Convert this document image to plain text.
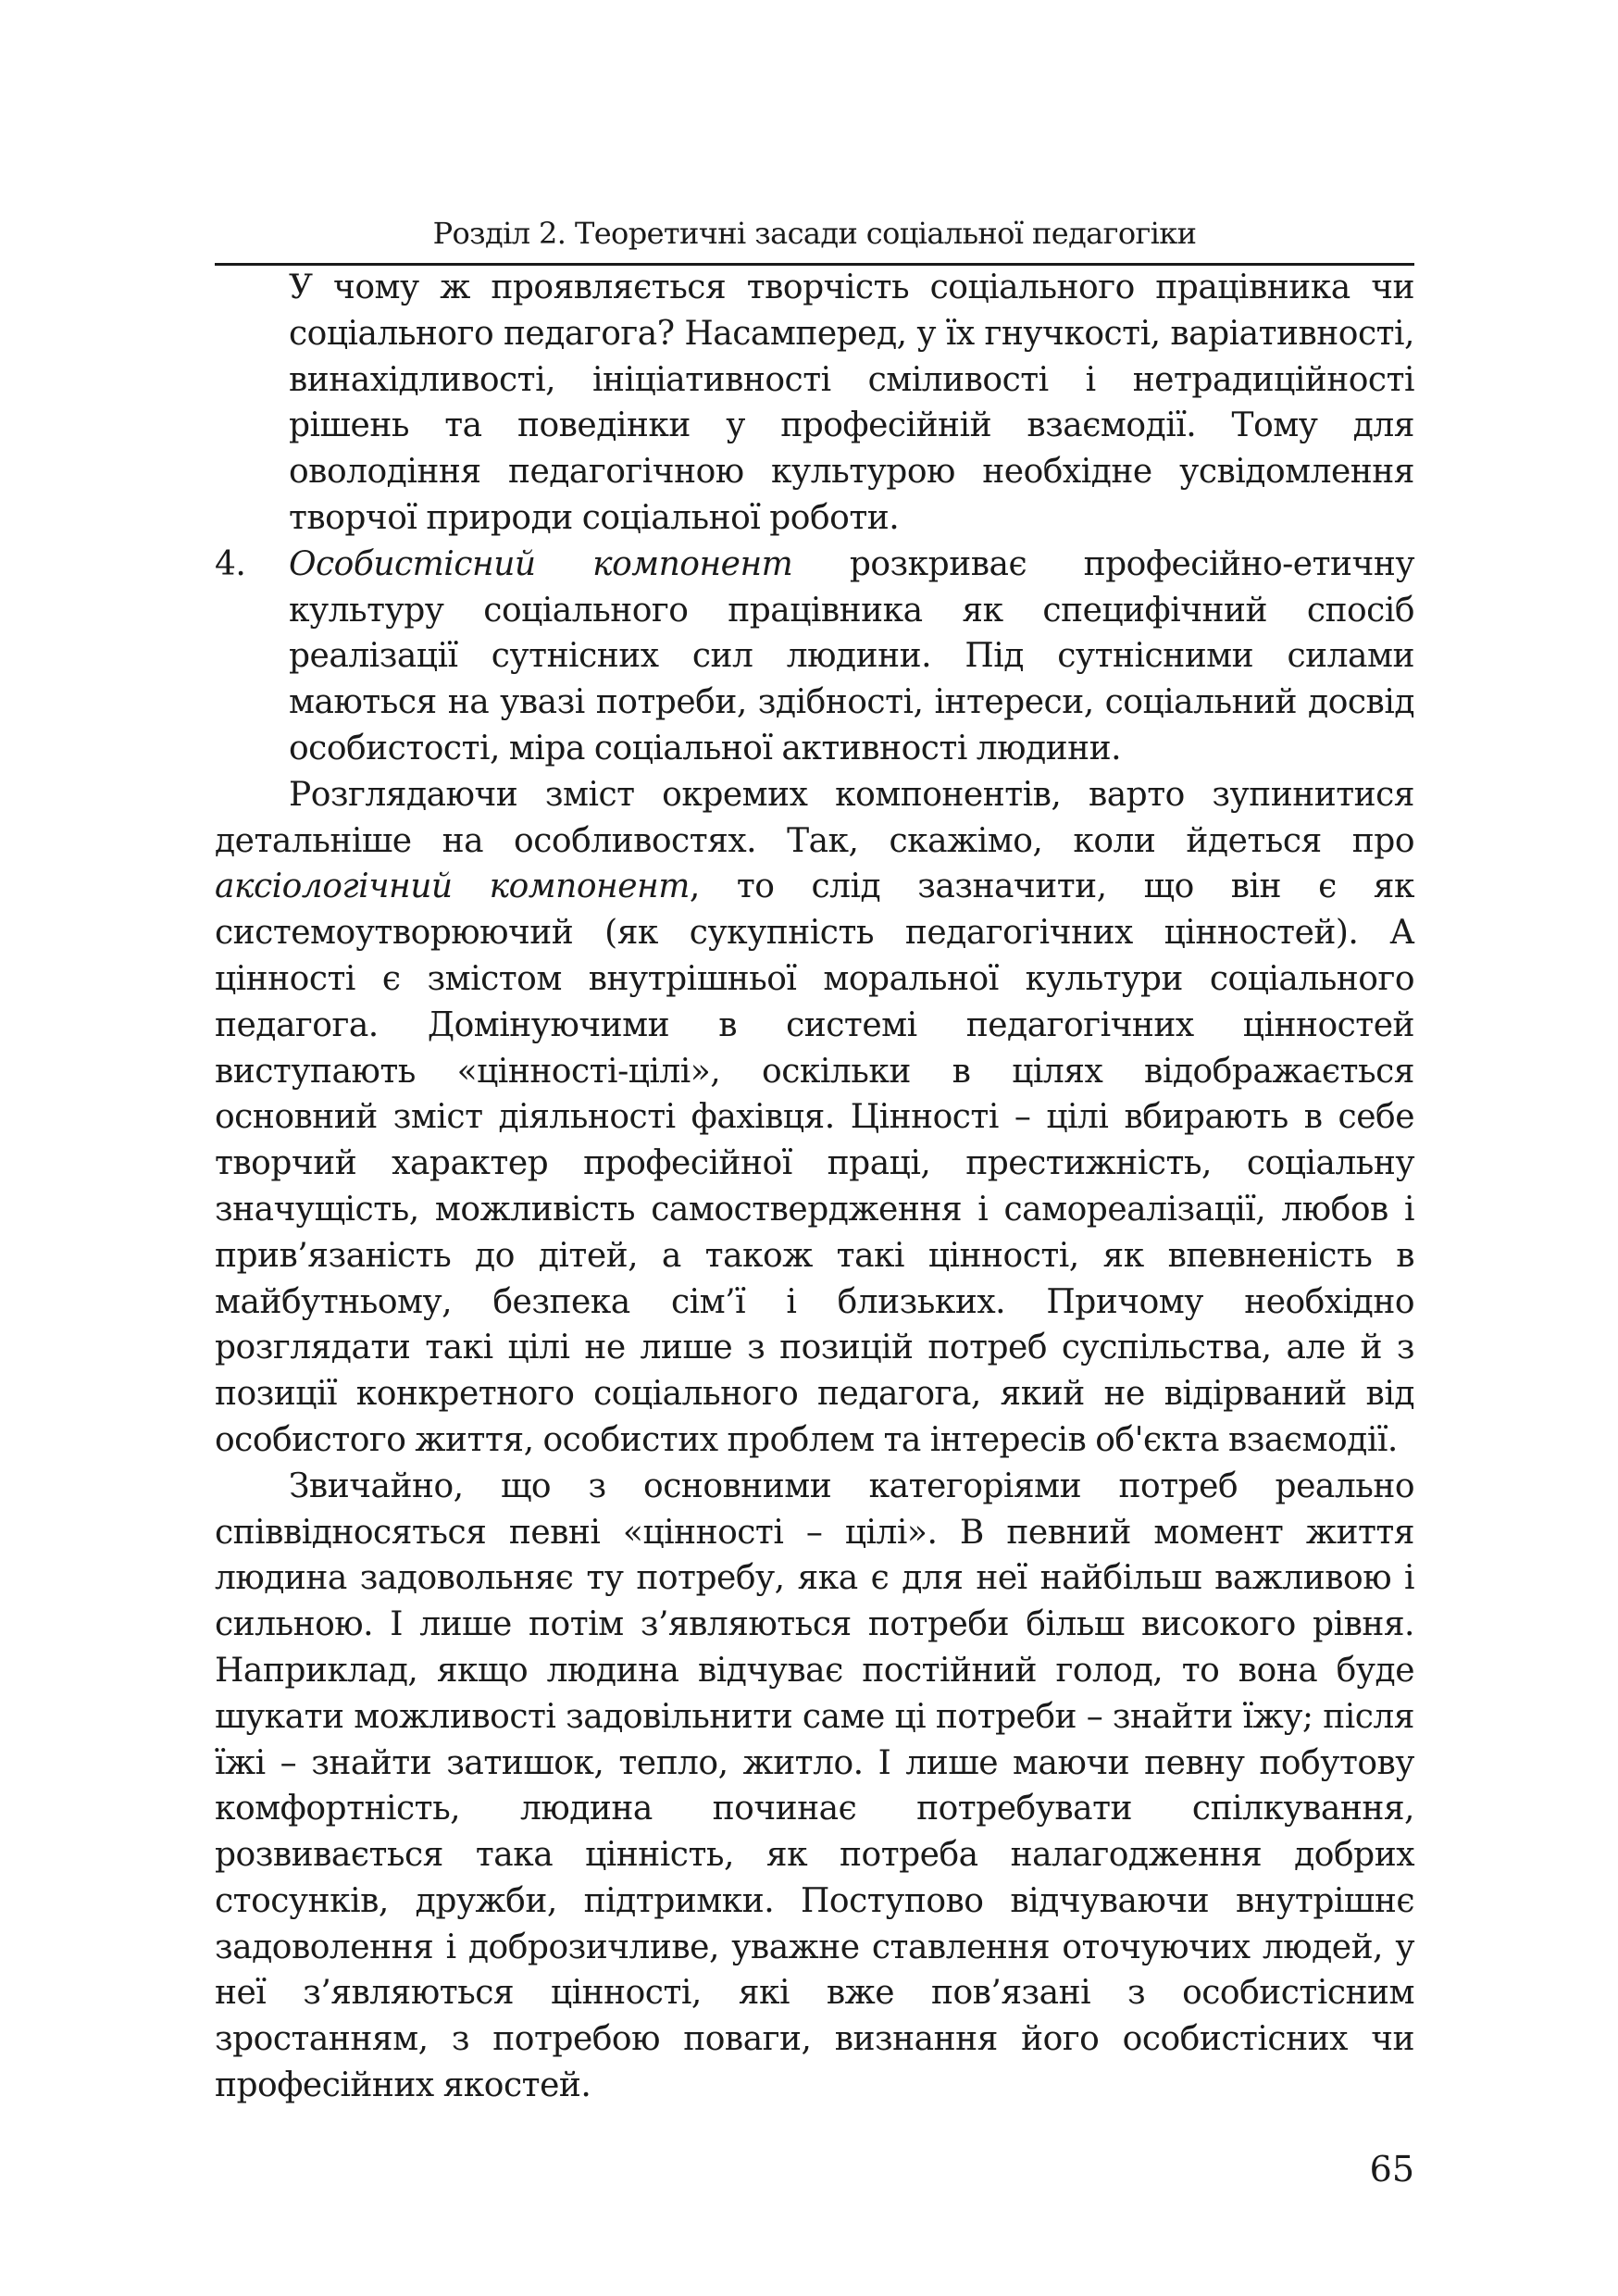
Розділ 2. Теоретичні засади соціальної педагогіки

У чому ж проявляється творчість соціального працівника чи соціального педагога? Насамперед, у їх гнучкості, варіативності, винахідливості, ініціативності сміливості і нетрадиційності рішень та поведінки у професійній взаємодії. Тому для оволодіння педагогічною культурою необхідне усвідомлення творчої природи соціальної роботи.

4.	Особистісний компонент розкриває професійно-етичну культуру соціального працівника як специфічний спосіб реалізації сутнісних сил людини. Під сутнісними силами маються на увазі потреби, здібності, інтереси, соціальний досвід особистості, міра соціальної активності людини.

Розглядаючи зміст окремих компонентів, варто зупинитися детальніше на особливостях. Так, скажімо, коли йдеться про аксіологічний компонент, то слід зазначити, що він є як системоутворюючий (як сукупність педагогічних цінностей). А цінності є змістом внутрішньої моральної культури соціального педагога. Домінуючими в системі педагогічних цінностей виступають «цінності-цілі», оскільки в цілях відображається основний зміст діяльності фахівця. Цінності – цілі вбирають в себе творчий характер професійної праці, престижність, соціальну значущість, можливість самоствердження і самореалізації, любов і прив’язаність до дітей, а також такі цінності, як впевненість в майбутньому, безпека сім’ї і близьких. Причому необхідно розглядати такі цілі не лише з позицій потреб суспільства, але й з позиції конкретного соціального педагога, який не відірваний від особистого життя, особистих проблем та інтересів об'єкта взаємодії.

Звичайно, що з основними категоріями потреб реально співвідносяться певні «цінності – цілі». В певний момент життя людина задовольняє ту потребу, яка є для неї найбільш важливою і сильною. І лише потім з’являються потреби більш високого рівня. Наприклад, якщо людина відчуває постійний голод, то вона буде шукати можливості задовільнити саме ці потреби – знайти їжу; після їжі – знайти затишок, тепло, житло. І лише маючи певну побутову комфортність, людина починає потребувати спілкування, розвивається така цінність, як потреба налагодження добрих стосунків, дружби, підтримки. Поступово відчуваючи внутрішнє задоволення і доброзичливе, уважне ставлення оточуючих людей, у неї з’являються цінності, які вже пов’язані з особистісним зростанням, з потребою поваги, визнання його особистісних чи професійних якостей.

65
